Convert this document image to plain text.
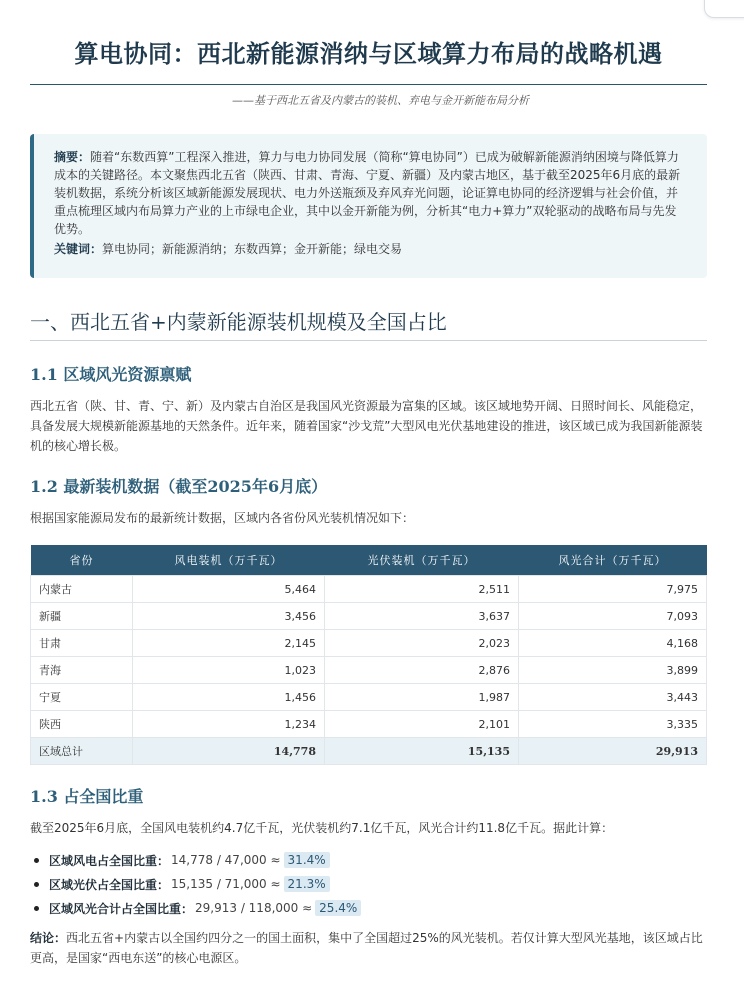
算电协同：西北新能源消纳与区域算力布局的战略机遇
——基于西北五省及内蒙古的装机、弃电与金开新能布局分析
摘要：随着“东数西算”工程深入推进，算力与电力协同发展（简称“算电协同”）已成为破解新能源消纳困境与降低算力成本的关键路径。本文聚焦西北五省（陕西、甘肃、青海、宁夏、新疆）及内蒙古地区，基于截至2025年6月底的最新装机数据，系统分析该区域新能源发展现状、电力外送瓶颈及弃风弃光问题，论证算电协同的经济逻辑与社会价值，并重点梳理区域内布局算力产业的上市绿电企业，其中以金开新能为例，分析其“电力+算力”双轮驱动的战略布局与先发优势。
关键词：算电协同；新能源消纳；东数西算；金开新能；绿电交易
一、西北五省+内蒙新能源装机规模及全国占比
1.1 区域风光资源禀赋
西北五省（陕、甘、青、宁、新）及内蒙古自治区是我国风光资源最为富集的区域。该区域地势开阔、日照时间长、风能稳定，具备发展大规模新能源基地的天然条件。近年来，随着国家“沙戈荒”大型风电光伏基地建设的推进，该区域已成为我国新能源装机的核心增长极。
1.2 最新装机数据（截至2025年6月底）
根据国家能源局发布的最新统计数据，区域内各省份风光装机情况如下：
省份	风电装机（万千瓦）	光伏装机（万千瓦）	风光合计（万千瓦）
内蒙古	5,464	2,511	7,975
新疆	3,456	3,637	7,093
甘肃	2,145	2,023	4,168
青海	1,023	2,876	3,899
宁夏	1,456	1,987	3,443
陕西	1,234	2,101	3,335
区域总计	14,778	15,135	29,913
1.3 占全国比重
截至2025年6月底，全国风电装机约4.7亿千瓦，光伏装机约7.1亿千瓦，风光合计约11.8亿千瓦。据此计算：
区域风电占全国比重： 14,778 / 47,000 ≈ 31.4%
区域光伏占全国比重： 15,135 / 71,000 ≈ 21.3%
区域风光合计占全国比重： 29,913 / 118,000 ≈ 25.4%
结论：西北五省+内蒙古以全国约四分之一的国土面积，集中了全国超过25%的风光装机。若仅计算大型风光基地，该区域占比更高，是国家“西电东送”的核心电源区。
